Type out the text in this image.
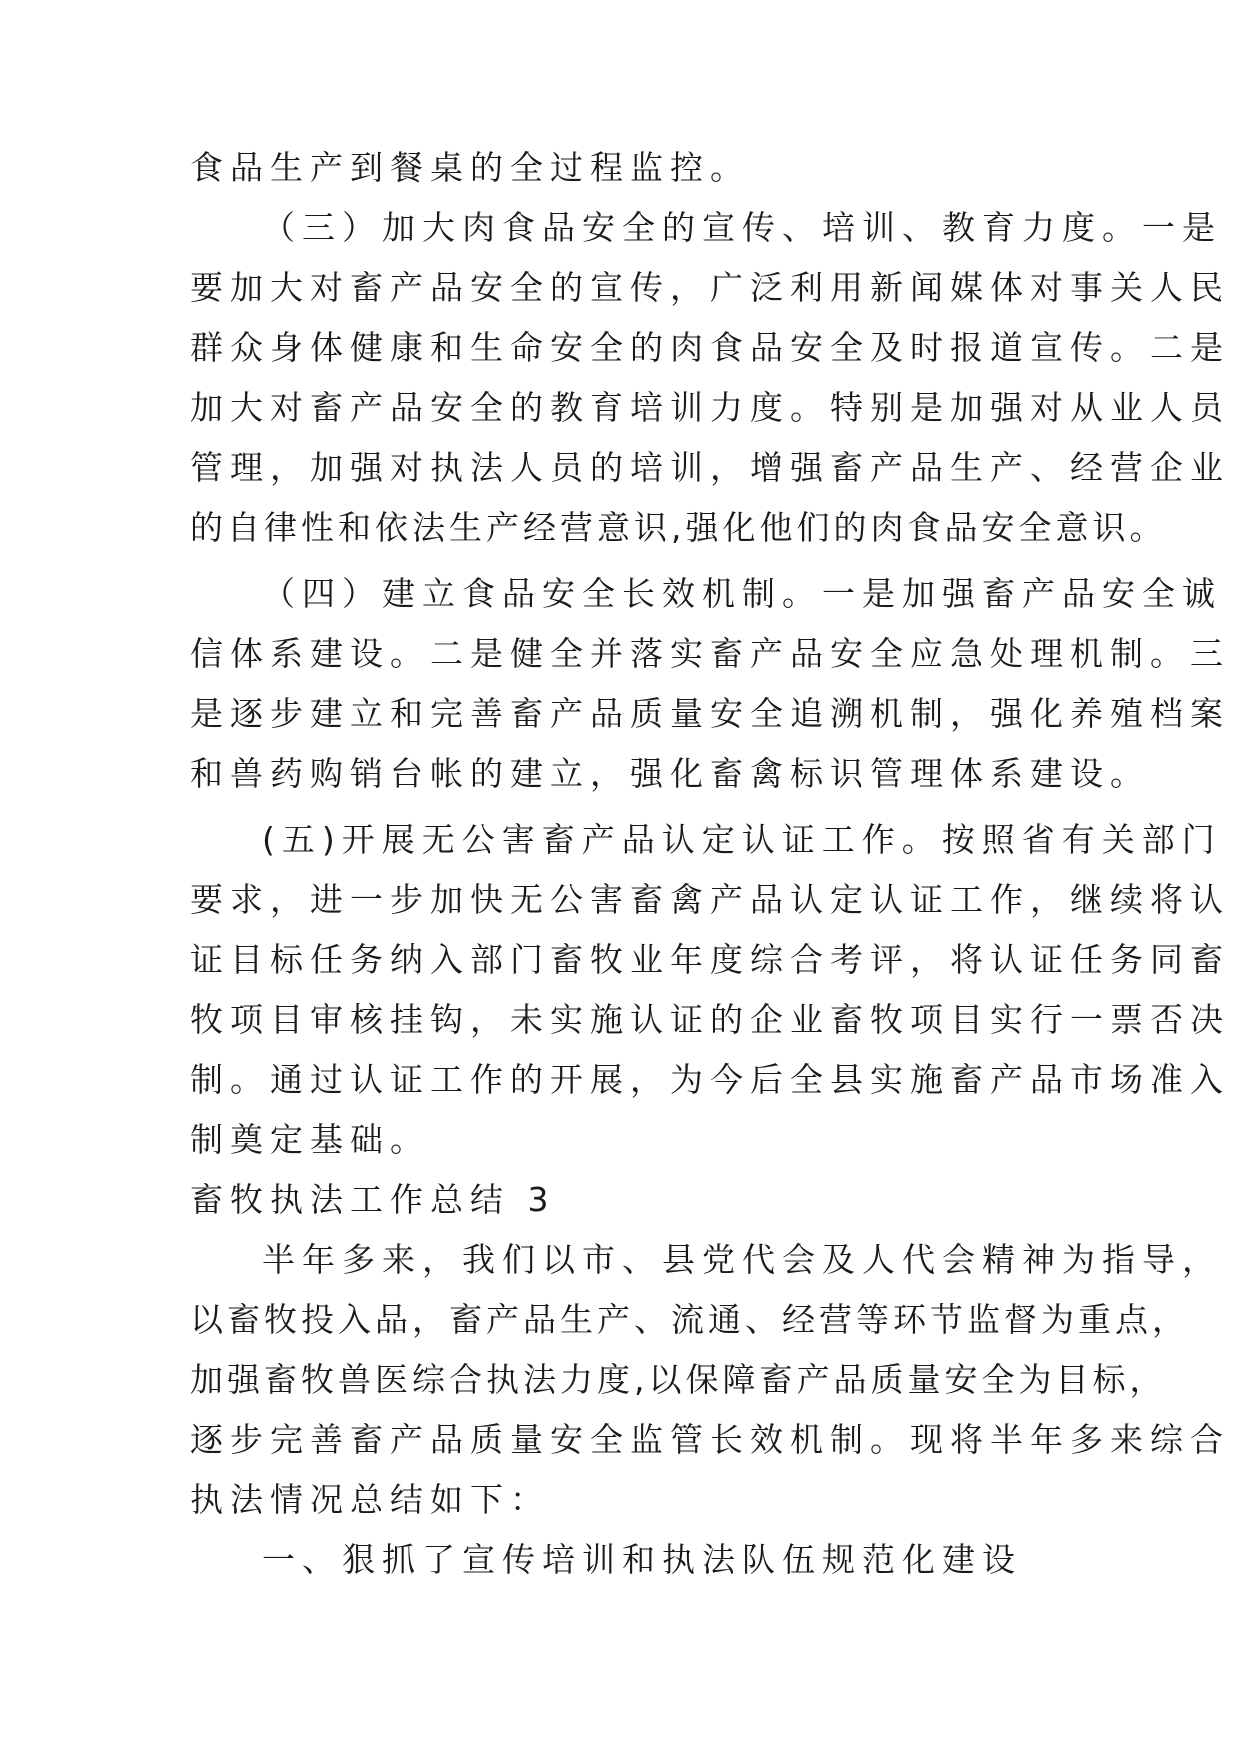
食品生产到餐桌的全过程监控。
（三）加大肉食品安全的宣传、培训、教育力度。一是
要加大对畜产品安全的宣传，广泛利用新闻媒体对事关人民
群众身体健康和生命安全的肉食品安全及时报道宣传。二是
加大对畜产品安全的教育培训力度。特别是加强对从业人员
管理，加强对执法人员的培训，增强畜产品生产、经营企业
的自律性和依法生产经营意识,强化他们的肉食品安全意识。
（四）建立食品安全长效机制。一是加强畜产品安全诚
信体系建设。二是健全并落实畜产品安全应急处理机制。三
是逐步建立和完善畜产品质量安全追溯机制，强化养殖档案
和兽药购销台帐的建立，强化畜禽标识管理体系建设。
(五)开展无公害畜产品认定认证工作。按照省有关部门
要求，进一步加快无公害畜禽产品认定认证工作，继续将认
证目标任务纳入部门畜牧业年度综合考评，将认证任务同畜
牧项目审核挂钩，未实施认证的企业畜牧项目实行一票否决
制。通过认证工作的开展，为今后全县实施畜产品市场准入
制奠定基础。
畜牧执法工作总结 3
半年多来，我们以市、县党代会及人代会精神为指导，
以畜牧投入品，畜产品生产、流通、经营等环节监督为重点，
加强畜牧兽医综合执法力度,以保障畜产品质量安全为目标，
逐步完善畜产品质量安全监管长效机制。现将半年多来综合
执法情况总结如下：
一、狠抓了宣传培训和执法队伍规范化建设
